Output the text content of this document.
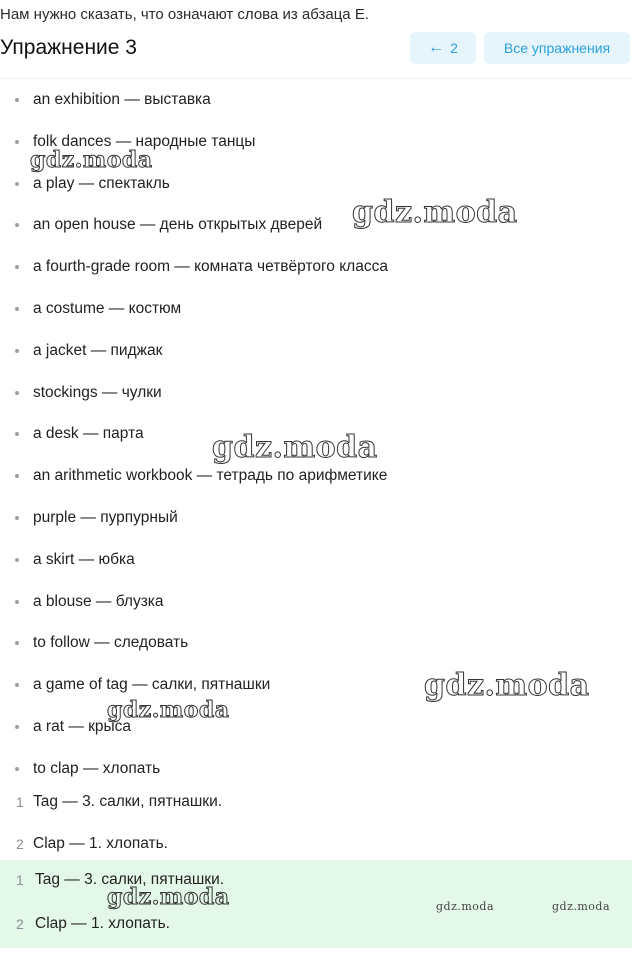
Нам нужно сказать, что означают слова из абзаца E.
Упражнение 3	← 2	Все упражнения
an exhibition — выставка
folk dances — народные танцы
a play — спектакль
an open house — день открытых дверей
a fourth-grade room — комната четвёртого класса
a costume — костюм
a jacket — пиджак
stockings — чулки
a desk — парта
an arithmetic workbook — тетрадь по арифметике
purple — пурпурный
a skirt — юбка
a blouse — блузка
to follow — следовать
a game of tag — салки, пятнашки
a rat — крыса
to clap — хлопать
1 Tag — 3. салки, пятнашки.
2 Clap — 1. хлопать.
1 Tag — 3. салки, пятнашки.
2 Clap — 1. хлопать.
gdz.moda
gdz.moda
gdz.moda
gdz.moda
gdz.moda
gdz.moda	gdz.moda
